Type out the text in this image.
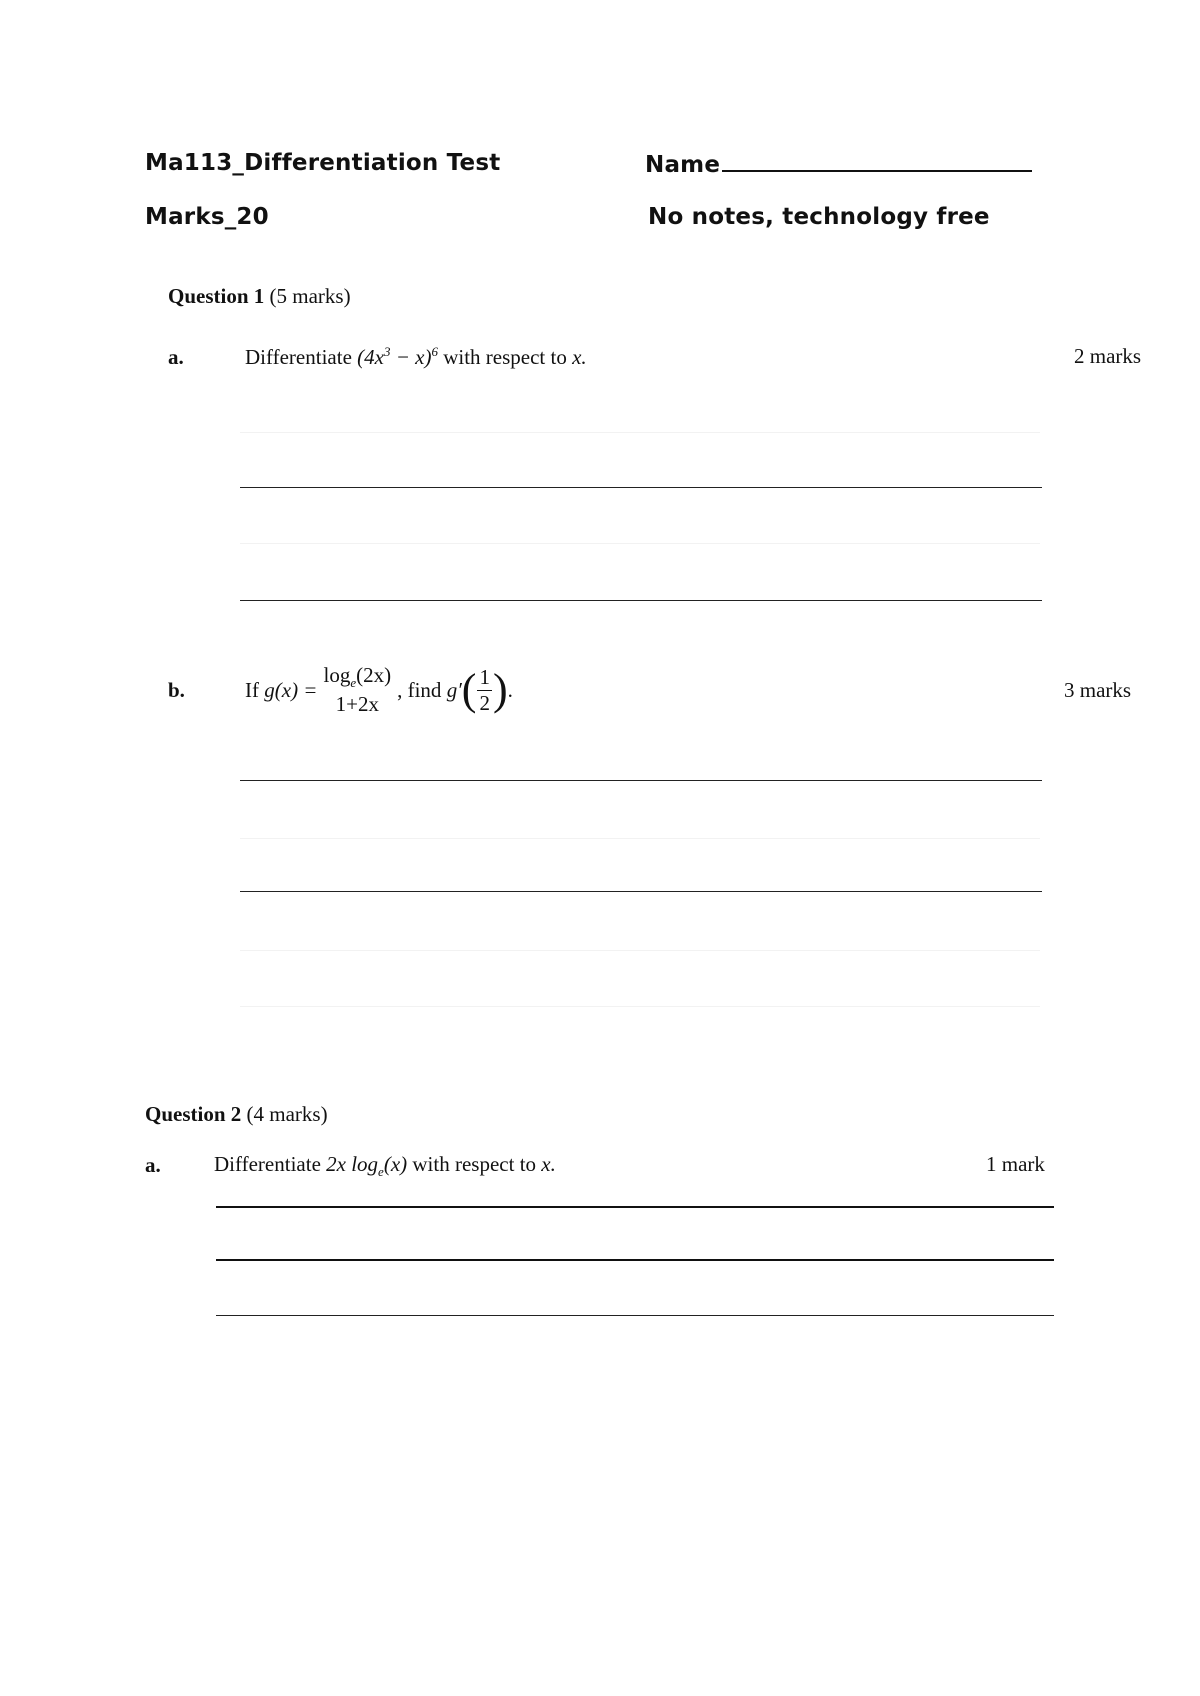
Ma113_Differentiation Test	Name
Marks_20	No notes, technology free
Question 1 (5 marks)
a.	Differentiate $(4x^3 - x)^6$ with respect to x.	2 marks
b.	If
g(x) =
$\log_e(2x)$
1+2x
, find
g′ ( $\frac{1}{2}$ ) .	3 marks
Question 2 (4 marks)
a.	Differentiate 2x $\log_e(x)$ with respect to x.	1 mark
